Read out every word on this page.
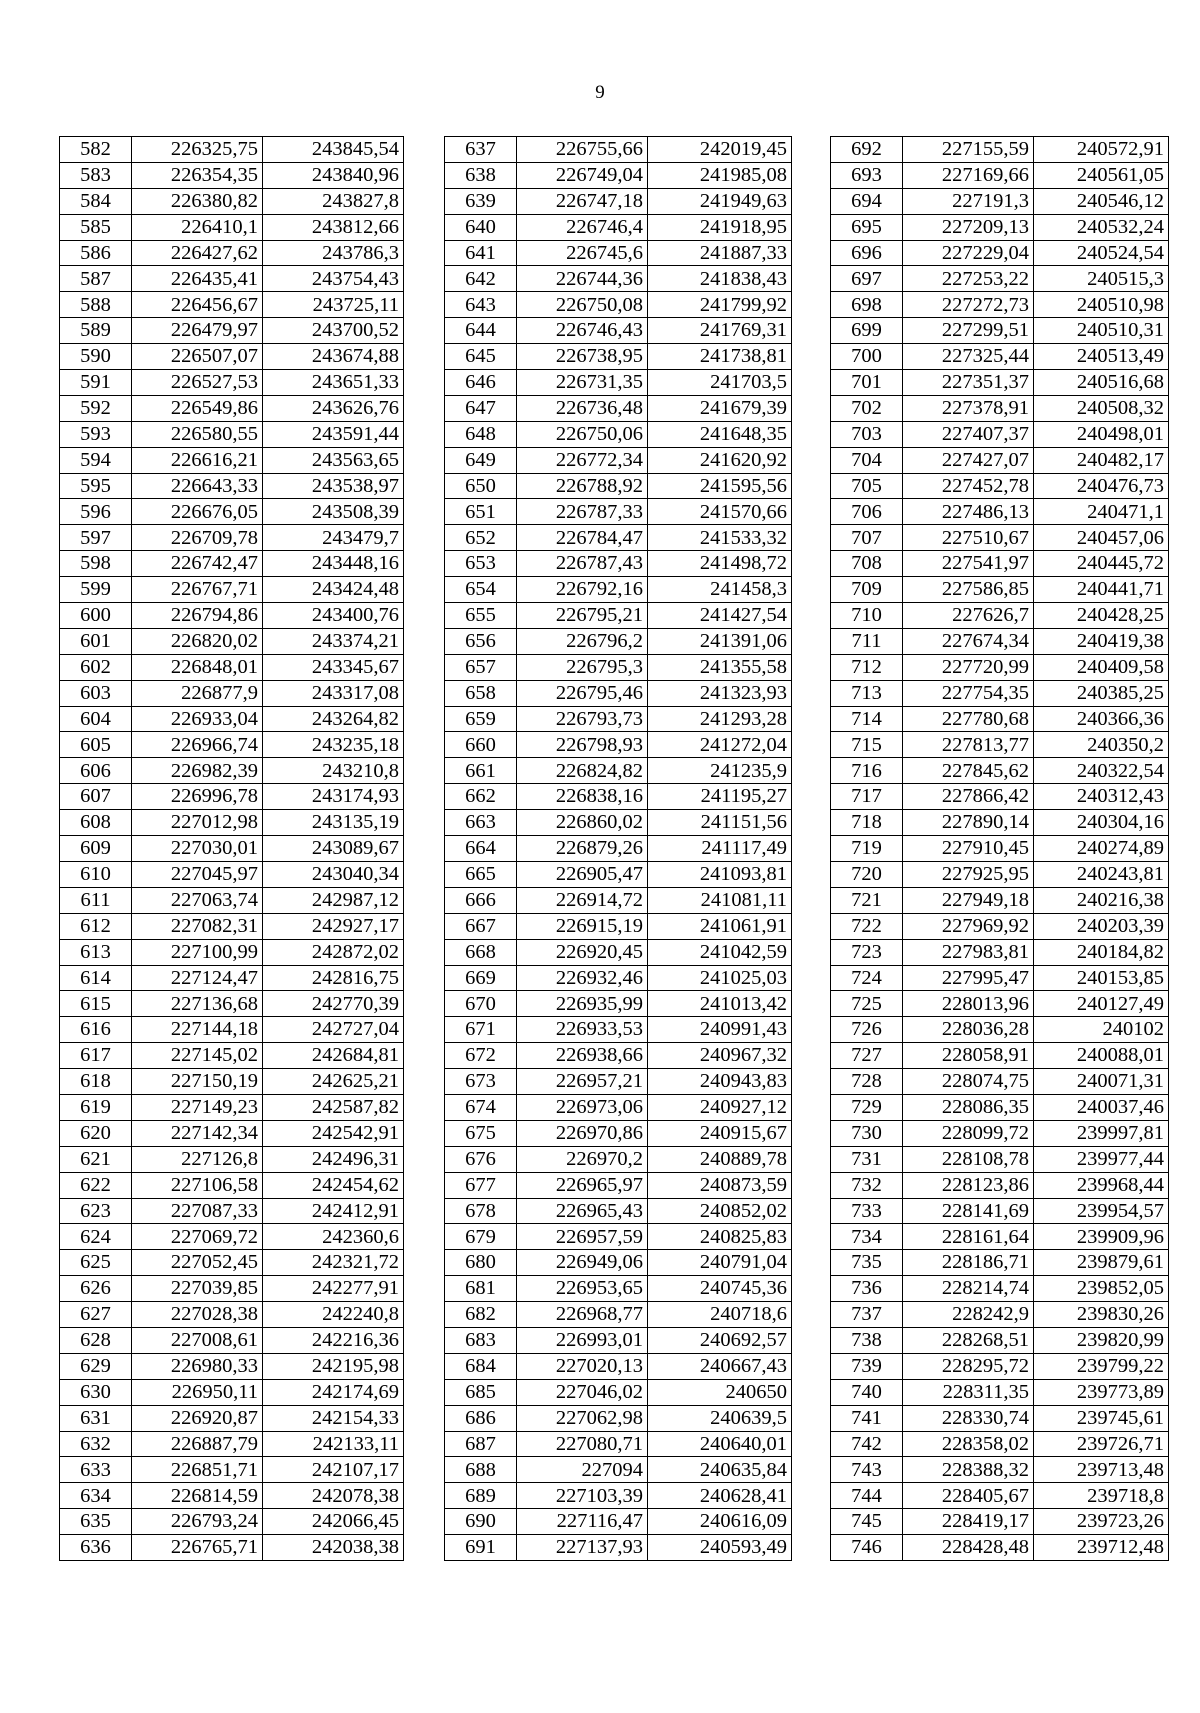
9
582	226325,75	243845,54
583	226354,35	243840,96
584	226380,82	243827,8
585	226410,1	243812,66
586	226427,62	243786,3
587	226435,41	243754,43
588	226456,67	243725,11
589	226479,97	243700,52
590	226507,07	243674,88
591	226527,53	243651,33
592	226549,86	243626,76
593	226580,55	243591,44
594	226616,21	243563,65
595	226643,33	243538,97
596	226676,05	243508,39
597	226709,78	243479,7
598	226742,47	243448,16
599	226767,71	243424,48
600	226794,86	243400,76
601	226820,02	243374,21
602	226848,01	243345,67
603	226877,9	243317,08
604	226933,04	243264,82
605	226966,74	243235,18
606	226982,39	243210,8
607	226996,78	243174,93
608	227012,98	243135,19
609	227030,01	243089,67
610	227045,97	243040,34
611	227063,74	242987,12
612	227082,31	242927,17
613	227100,99	242872,02
614	227124,47	242816,75
615	227136,68	242770,39
616	227144,18	242727,04
617	227145,02	242684,81
618	227150,19	242625,21
619	227149,23	242587,82
620	227142,34	242542,91
621	227126,8	242496,31
622	227106,58	242454,62
623	227087,33	242412,91
624	227069,72	242360,6
625	227052,45	242321,72
626	227039,85	242277,91
627	227028,38	242240,8
628	227008,61	242216,36
629	226980,33	242195,98
630	226950,11	242174,69
631	226920,87	242154,33
632	226887,79	242133,11
633	226851,71	242107,17
634	226814,59	242078,38
635	226793,24	242066,45
636	226765,71	242038,38
637	226755,66	242019,45
638	226749,04	241985,08
639	226747,18	241949,63
640	226746,4	241918,95
641	226745,6	241887,33
642	226744,36	241838,43
643	226750,08	241799,92
644	226746,43	241769,31
645	226738,95	241738,81
646	226731,35	241703,5
647	226736,48	241679,39
648	226750,06	241648,35
649	226772,34	241620,92
650	226788,92	241595,56
651	226787,33	241570,66
652	226784,47	241533,32
653	226787,43	241498,72
654	226792,16	241458,3
655	226795,21	241427,54
656	226796,2	241391,06
657	226795,3	241355,58
658	226795,46	241323,93
659	226793,73	241293,28
660	226798,93	241272,04
661	226824,82	241235,9
662	226838,16	241195,27
663	226860,02	241151,56
664	226879,26	241117,49
665	226905,47	241093,81
666	226914,72	241081,11
667	226915,19	241061,91
668	226920,45	241042,59
669	226932,46	241025,03
670	226935,99	241013,42
671	226933,53	240991,43
672	226938,66	240967,32
673	226957,21	240943,83
674	226973,06	240927,12
675	226970,86	240915,67
676	226970,2	240889,78
677	226965,97	240873,59
678	226965,43	240852,02
679	226957,59	240825,83
680	226949,06	240791,04
681	226953,65	240745,36
682	226968,77	240718,6
683	226993,01	240692,57
684	227020,13	240667,43
685	227046,02	240650
686	227062,98	240639,5
687	227080,71	240640,01
688	227094	240635,84
689	227103,39	240628,41
690	227116,47	240616,09
691	227137,93	240593,49
692	227155,59	240572,91
693	227169,66	240561,05
694	227191,3	240546,12
695	227209,13	240532,24
696	227229,04	240524,54
697	227253,22	240515,3
698	227272,73	240510,98
699	227299,51	240510,31
700	227325,44	240513,49
701	227351,37	240516,68
702	227378,91	240508,32
703	227407,37	240498,01
704	227427,07	240482,17
705	227452,78	240476,73
706	227486,13	240471,1
707	227510,67	240457,06
708	227541,97	240445,72
709	227586,85	240441,71
710	227626,7	240428,25
711	227674,34	240419,38
712	227720,99	240409,58
713	227754,35	240385,25
714	227780,68	240366,36
715	227813,77	240350,2
716	227845,62	240322,54
717	227866,42	240312,43
718	227890,14	240304,16
719	227910,45	240274,89
720	227925,95	240243,81
721	227949,18	240216,38
722	227969,92	240203,39
723	227983,81	240184,82
724	227995,47	240153,85
725	228013,96	240127,49
726	228036,28	240102
727	228058,91	240088,01
728	228074,75	240071,31
729	228086,35	240037,46
730	228099,72	239997,81
731	228108,78	239977,44
732	228123,86	239968,44
733	228141,69	239954,57
734	228161,64	239909,96
735	228186,71	239879,61
736	228214,74	239852,05
737	228242,9	239830,26
738	228268,51	239820,99
739	228295,72	239799,22
740	228311,35	239773,89
741	228330,74	239745,61
742	228358,02	239726,71
743	228388,32	239713,48
744	228405,67	239718,8
745	228419,17	239723,26
746	228428,48	239712,48
